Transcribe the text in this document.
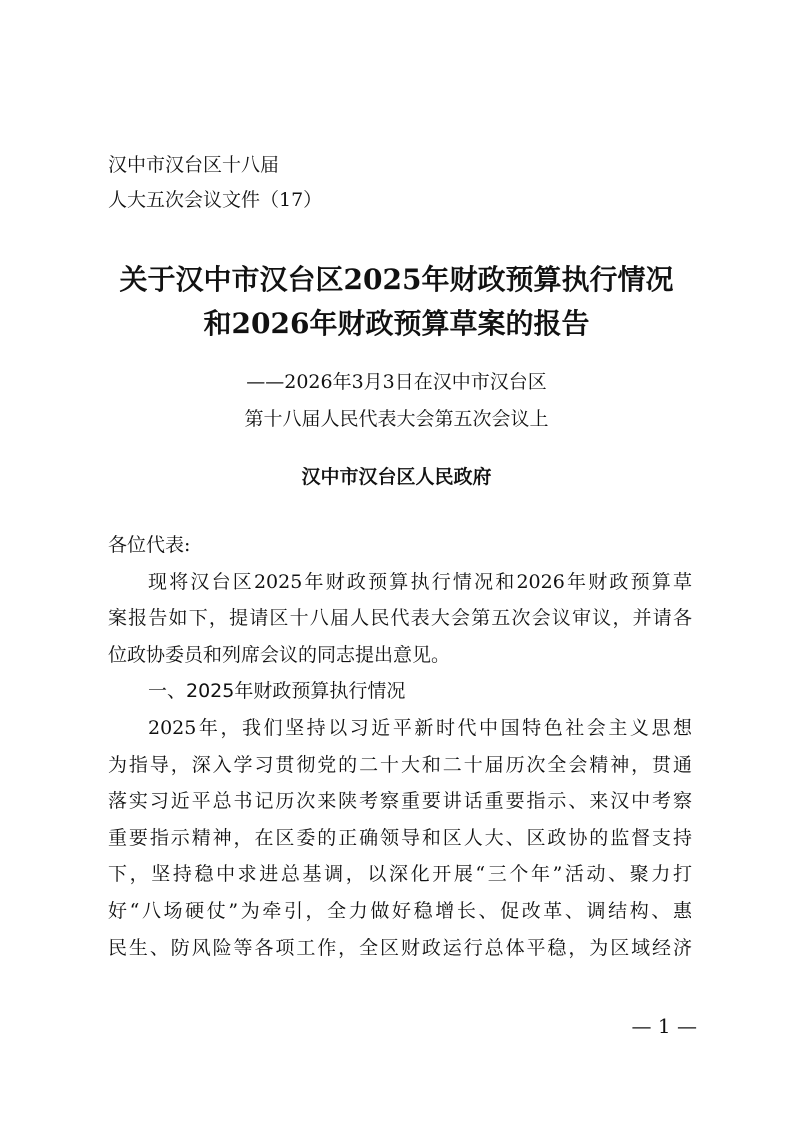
汉中市汉台区十八届
人大五次会议文件（17）
关于汉中市汉台区2025年财政预算执行情况
和2026年财政预算草案的报告
——2026年3月3日在汉中市汉台区
第十八届人民代表大会第五次会议上
汉中市汉台区人民政府
各位代表:
现将汉台区2025年财政预算执行情况和2026年财政预算草
案报告如下，提请区十八届人民代表大会第五次会议审议，并请各
位政协委员和列席会议的同志提出意见。
一、2025年财政预算执行情况
2025年，我们坚持以习近平新时代中国特色社会主义思想
为指导，深入学习贯彻党的二十大和二十届历次全会精神，贯通
落实习近平总书记历次来陕考察重要讲话重要指示、来汉中考察
重要指示精神，在区委的正确领导和区人大、区政协的监督支持
下，坚持稳中求进总基调，以深化开展“三个年”活动、聚力打
好“八场硬仗”为牵引，全力做好稳增长、促改革、调结构、惠
民生、防风险等各项工作，全区财政运行总体平稳，为区域经济
— 1 —
